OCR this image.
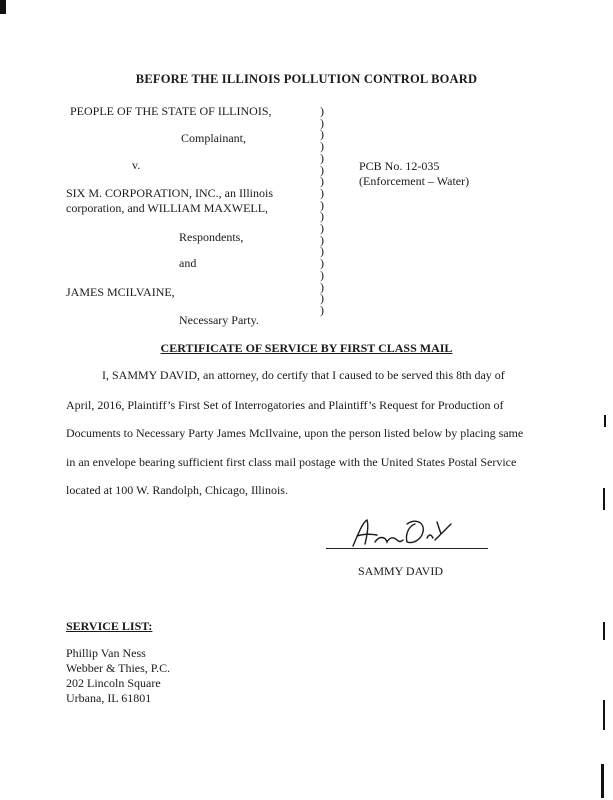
BEFORE THE ILLINOIS POLLUTION CONTROL BOARD
PEOPLE OF THE STATE OF ILLINOIS,
Complainant,
v.
SIX M. CORPORATION, INC., an Illinois
corporation, and WILLIAM MAXWELL,
Respondents,
and
JAMES MCILVAINE,
Necessary Party.
)
)
)
)
)
)
)
)
)
)
)
)
)
)
)
)
)
)
PCB No. 12-035
(Enforcement – Water)
CERTIFICATE OF SERVICE BY FIRST CLASS MAIL
I, SAMMY DAVID, an attorney, do certify that I caused to be served this 8th day of
April, 2016, Plaintiff’s First Set of Interrogatories and Plaintiff’s Request for Production of
Documents to Necessary Party James McIlvaine, upon the person listed below by placing same
in an envelope bearing sufficient first class mail postage with the United States Postal Service
located at 100 W. Randolph, Chicago, Illinois.
SAMMY DAVID
SERVICE LIST:
Phillip Van Ness
Webber & Thies, P.C.
202 Lincoln Square
Urbana, IL 61801
